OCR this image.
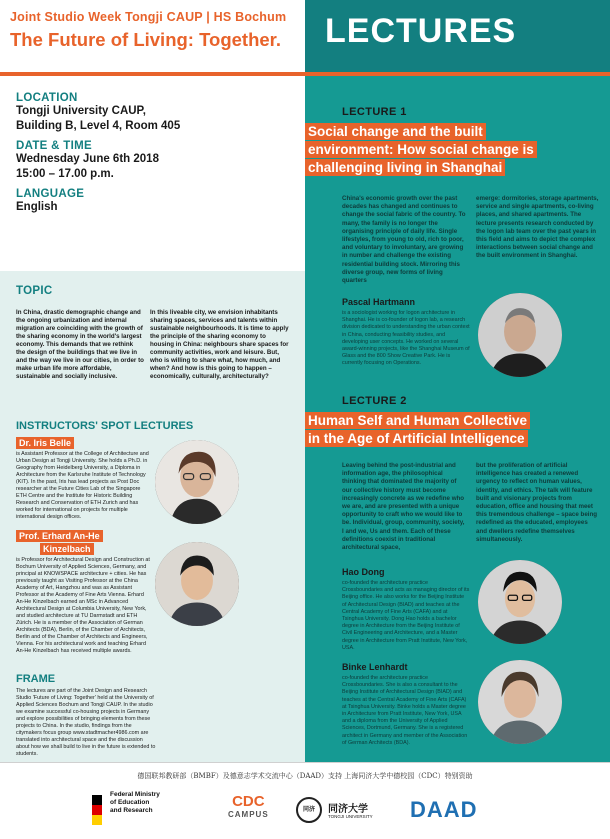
Joint Studio Week Tongji CAUP | HS Bochum
The Future of Living: Together.	LECTURES
LOCATION
Tongji University CAUP,
Building B, Level 4, Room 405
DATE & TIME
Wednesday June 6th 2018
15:00 – 17.00 p.m.
LANGUAGE
English
TOPIC
In China, drastic demographic change and the ongoing urbanization and internal migration are coinciding with the growth of the sharing economy in the world's largest economy. This demands that we rethink the design of the buildings that we live in and the way we live in our cities, in order to make urban life more affordable, sustainable and socially inclusive.
In this liveable city, we envision inhabitants sharing spaces, services and talents within sustainable neighbourhoods. It is time to apply the principle of the sharing economy to housing in China: neighbours share spaces for community activities, work and leisure. But, who is willing to share what, how much, and when? And how is this going to happen – economically, culturally, architecturally?
INSTRUCTORS' SPOT LECTURES
Dr. Iris Belle
is Assistant Professor at the College of Architecture and Urban Design at Tongji University. She holds a Ph.D. in Geography from Heidelberg University, a Diploma in Architecture from the Karlsruhe Institute of Technology (KIT). In the past, Iris has lead projects as Post Doc researcher at the Future Cities Lab of the Singapore ETH Centre and the Institute for Historic Building Research and Conservation of ETH Zurich and has worked for international on projects for multiple international design offices.
Prof. Erhard An-He
Kinzelbach
is Professor for Architectural Design and Construction at Bochum University of Applied Sciences, Germany, and principal at KNOWSPACE architecture + cities. He has previously taught as Visiting Professor at the China Academy of Art, Hangzhou and was as Assistant Professor at the Academy of Fine Arts Vienna. Erhard An-He Kinzelbach earned an MSc in Advanced Architectural Design at Columbia University, New York, and studied architecture at TU Darmstadt and ETH Zürich. He is a member of the Association of German Architects (BDA), Berlin, of the Chamber of Architects, Berlin and of the Chamber of Architects and Engineers, Vienna. For his architectural work and teaching Erhard An-He Kinzelbach has received multiple awards.
FRAME
The lectures are part of the Joint Design and Research Studio 'Future of Living: Together' held at the University of Applied Sciences Bochum and Tongji CAUP. In the studio we examine successful co-housing projects in Germany and explore possibilities of bringing elements from these projects to China. In the studio, findings from the citymakers focus group www.stadtmacher4986.com are translated into architectural space and the discussion about how we shall build to live in the future is extended to students.
LECTURE 1
Social change and the built
environment: How social change is
challenging living in Shanghai
China's economic growth over the past decades has changed and continues to change the social fabric of the country. To many, the family is no longer the organising principle of daily life. Single lifestyles, from young to old, rich to poor, and voluntary to involuntary, are growing in number and challenge the existing residential building stock. Mirroring this diverse group, new forms of living quarters
emerge: dormitories, storage apartments, service and single apartments, co-living places, and shared apartments. The lecture presents research conducted by the logon lab team over the past years in this field and aims to depict the complex interactions between social change and the built environment in Shanghai.
Pascal Hartmann
is a sociologist working for logon architecture in Shanghai. He is co-founder of logon lab, a research division dedicated to understanding the urban context in China, conducting feasibility studies, and developing user concepts. He worked on several award-winning projects, like the Shanghai Museum of Glass and the 800 Show Creative Park. He is currently focusing on Operations.
LECTURE 2
Human Self and Human Collective
in the Age of Artificial Intelligence
Leaving behind the post-industrial and information age, the philosophical thinking that dominated the majority of our collective history must become increasingly concrete as we redefine who we are, and are presented with a unique opportunity to craft who we would like to be. Individual, group, community, society, I and we, Us and them. Each of these definitions coexist in traditional architectural space,
but the proliferation of artificial intelligence has created a renewed urgency to reflect on human values, identity, and ethics. The talk will feature built and visionary projects from education, office and housing that meet this tremendous challenge – space being redefined as the educated, employees and dwellers redefine themselves simultaneously.
Hao Dong
co-founded the architecture practice Crossboundaries and acts as managing director of its Beijing office. He also works for the Beijing Institute of Architectural Design (BIAD) and teaches at the Central Academy of Fine Arts (CAFA) and at Tsinghua University. Dong Hao holds a bachelor degree in Architecture from the Beijing Institute of Civil Engineering and Architecture, and a Master degree in Architecture from Pratt Institute, New York, USA.
Binke Lenhardt
co-founded the architecture practice Crossboundaries. She is also a consultant to the Beijing Institute of Architectural Design (BIAD) and teaches at the Central Academy of Fine Arts (CAFA) at Tsinghua University. Binke holds a Master degree in Architecture from Pratt Institute, New York, USA and a diploma from the University of Applied Sciences, Dortmund, Germany. She is a registered architect in Germany and member of the Association of German Architects (BDA).
德国联邦教研部（BMBF）及德意志学术交流中心（DAAD）支持 上海同济大学中德校园（CDC）特别资助
Federal Ministry
of Education
and Research
CDC
CAMPUS	同济	同济大学
TONGJI UNIVERSITY DAAD
